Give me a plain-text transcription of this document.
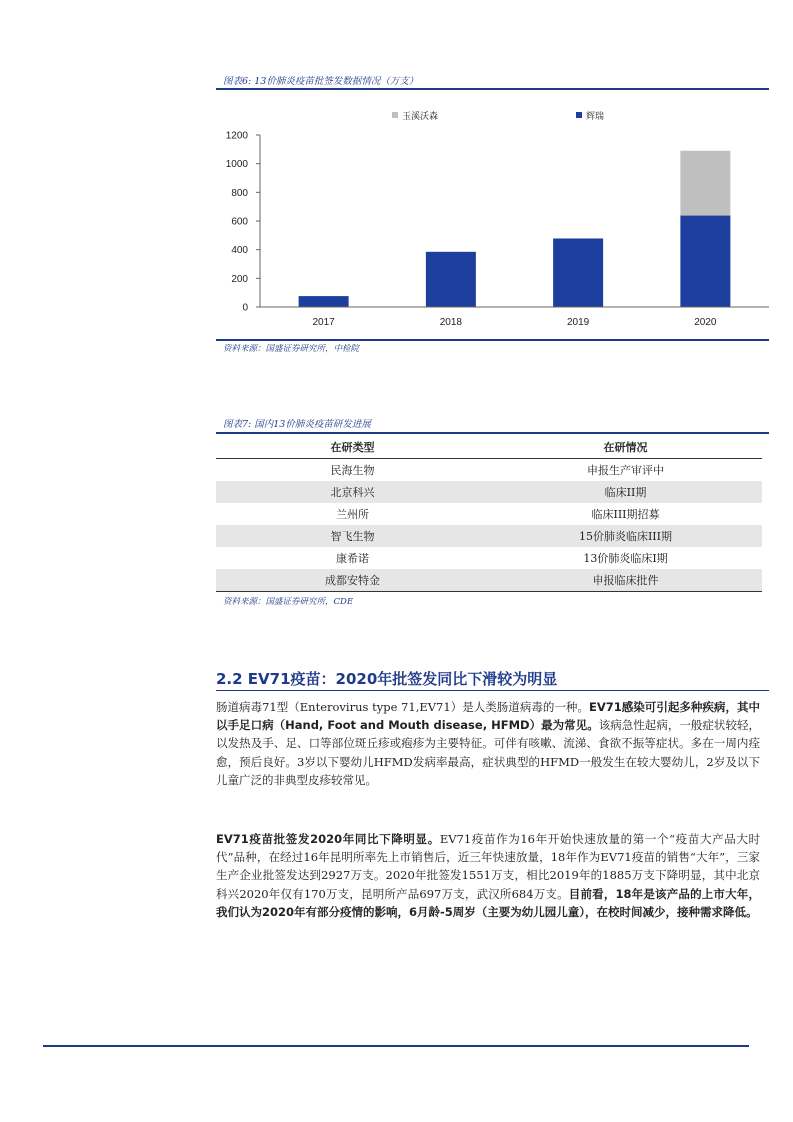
图表6: 13价肺炎疫苗批签发数据情况（万支）
玉溪沃森	辉瑞
0
200
400
600
800
1000
1200
2017	2018	2019	2020
资料来源：国盛证券研究所，中检院
图表7: 国内13价肺炎疫苗研发进展
在研类型	在研情况
民海生物	申报生产审评中
北京科兴	临床II期
兰州所	临床III期招募
智飞生物	15价肺炎临床III期
康希诺	13价肺炎临床I期
成都安特金	申报临床批件
资料来源：国盛证券研究所，CDE
2.2 EV71疫苗：2020年批签发同比下滑较为明显

肠道病毒71型（Enterovirus type 71,EV71）是人类肠道病毒的一种。EV71感染可引起多种疾病，其中以手足口病（Hand, Foot and Mouth disease, HFMD）最为常见。该病急性起病，一般症状较轻，以发热及手、足、口等部位斑丘疹或疱疹为主要特征。可伴有咳嗽、流涕、食欲不振等症状。多在一周内痊愈，预后良好。3岁以下婴幼儿HFMD发病率最高，症状典型的HFMD一般发生在较大婴幼儿，2岁及以下儿童广泛的非典型皮疹较常见。

EV71疫苗批签发2020年同比下降明显。EV71疫苗作为16年开始快速放量的第一个“疫苗大产品大时代”品种，在经过16年昆明所率先上市销售后，近三年快速放量，18年作为EV71疫苗的销售“大年”，三家生产企业批签发达到2927万支。2020年批签发1551万支，相比2019年的1885万支下降明显，其中北京科兴2020年仅有170万支，昆明所产品697万支，武汉所684万支。目前看，18年是该产品的上市大年，我们认为2020年有部分疫情的影响，6月龄-5周岁（主要为幼儿园儿童），在校时间减少，接种需求降低。
